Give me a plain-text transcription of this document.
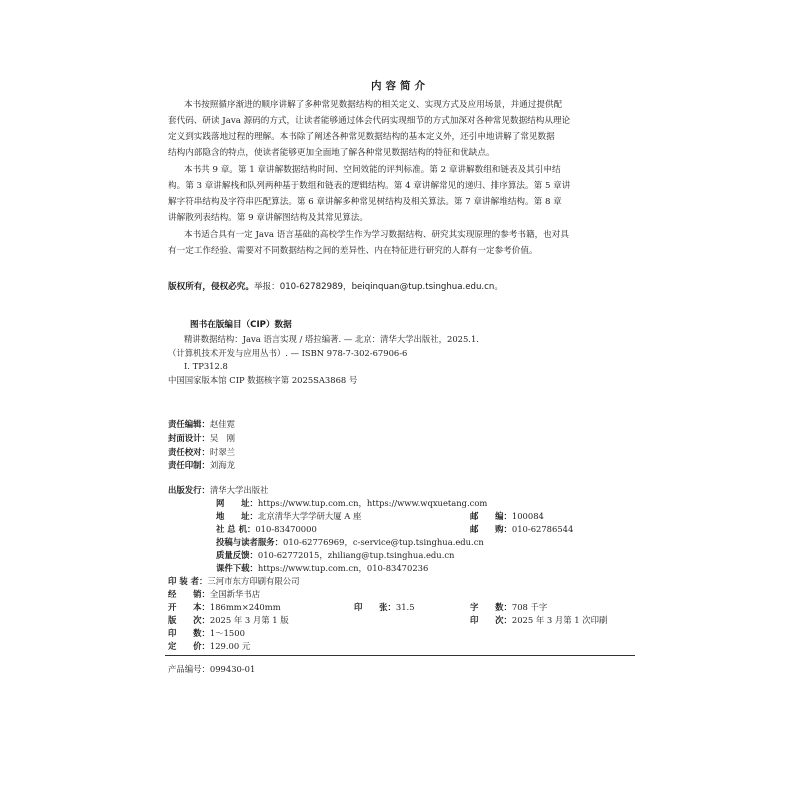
内容简介
本书按照循序渐进的顺序讲解了多种常见数据结构的相关定义、实现方式及应用场景，并通过提供配
套代码、研读 Java 源码的方式，让读者能够通过体会代码实现细节的方式加深对各种常见数据结构从理论
定义到实践落地过程的理解。本书除了阐述各种常见数据结构的基本定义外，还引申地讲解了常见数据
结构内部隐含的特点，使读者能够更加全面地了解各种常见数据结构的特征和优缺点。
本书共 9 章。第 1 章讲解数据结构时间、空间效能的评判标准。第 2 章讲解数组和链表及其引申结
构。第 3 章讲解栈和队列两种基于数组和链表的逻辑结构。第 4 章讲解常见的递归、排序算法。第 5 章讲
解字符串结构及字符串匹配算法。第 6 章讲解多种常见树结构及相关算法。第 7 章讲解堆结构。第 8 章
讲解散列表结构。第 9 章讲解图结构及其常见算法。
本书适合具有一定 Java 语言基础的高校学生作为学习数据结构、研究其实现原理的参考书籍，也对具
有一定工作经验、需要对不同数据结构之间的差异性、内在特征进行研究的人群有一定参考价值。
版权所有，侵权必究。举报：010-62782989，beiqinquan@tup.tsinghua.edu.cn。
图书在版编目（CIP）数据
精讲数据结构：Java 语言实现 / 塔拉编著. — 北京：清华大学出版社，2025.1.
（计算机技术开发与应用丛书）. — ISBN 978-7-302-67906-6
Ⅰ. TP312.8
中国国家版本馆 CIP 数据核字第 2025SA3868 号
责任编辑：赵佳霓
封面设计：吴　刚
责任校对：时翠兰
责任印制：刘海龙
出版发行：清华大学出版社
网　　址：https://www.tup.com.cn，https://www.wqxuetang.com
地　　址：北京清华大学学研大厦 A 座	邮　　编：100084
社 总 机：010-83470000	邮　　购：010-62786544
投稿与读者服务：010-62776969，c-service@tup.tsinghua.edu.cn
质量反馈：010-62772015，zhiliang@tup.tsinghua.edu.cn
课件下载：https://www.tup.com.cn，010-83470236
印 装 者：三河市东方印刷有限公司
经　　销：全国新华书店
开　　本：186mm×240mm	印　　张：31.5	字　　数：708 千字
版　　次：2025 年 3 月第 1 版	印　　次：2025 年 3 月第 1 次印刷
印　　数：1～1500
定　　价：129.00 元
产品编号：099430-01
